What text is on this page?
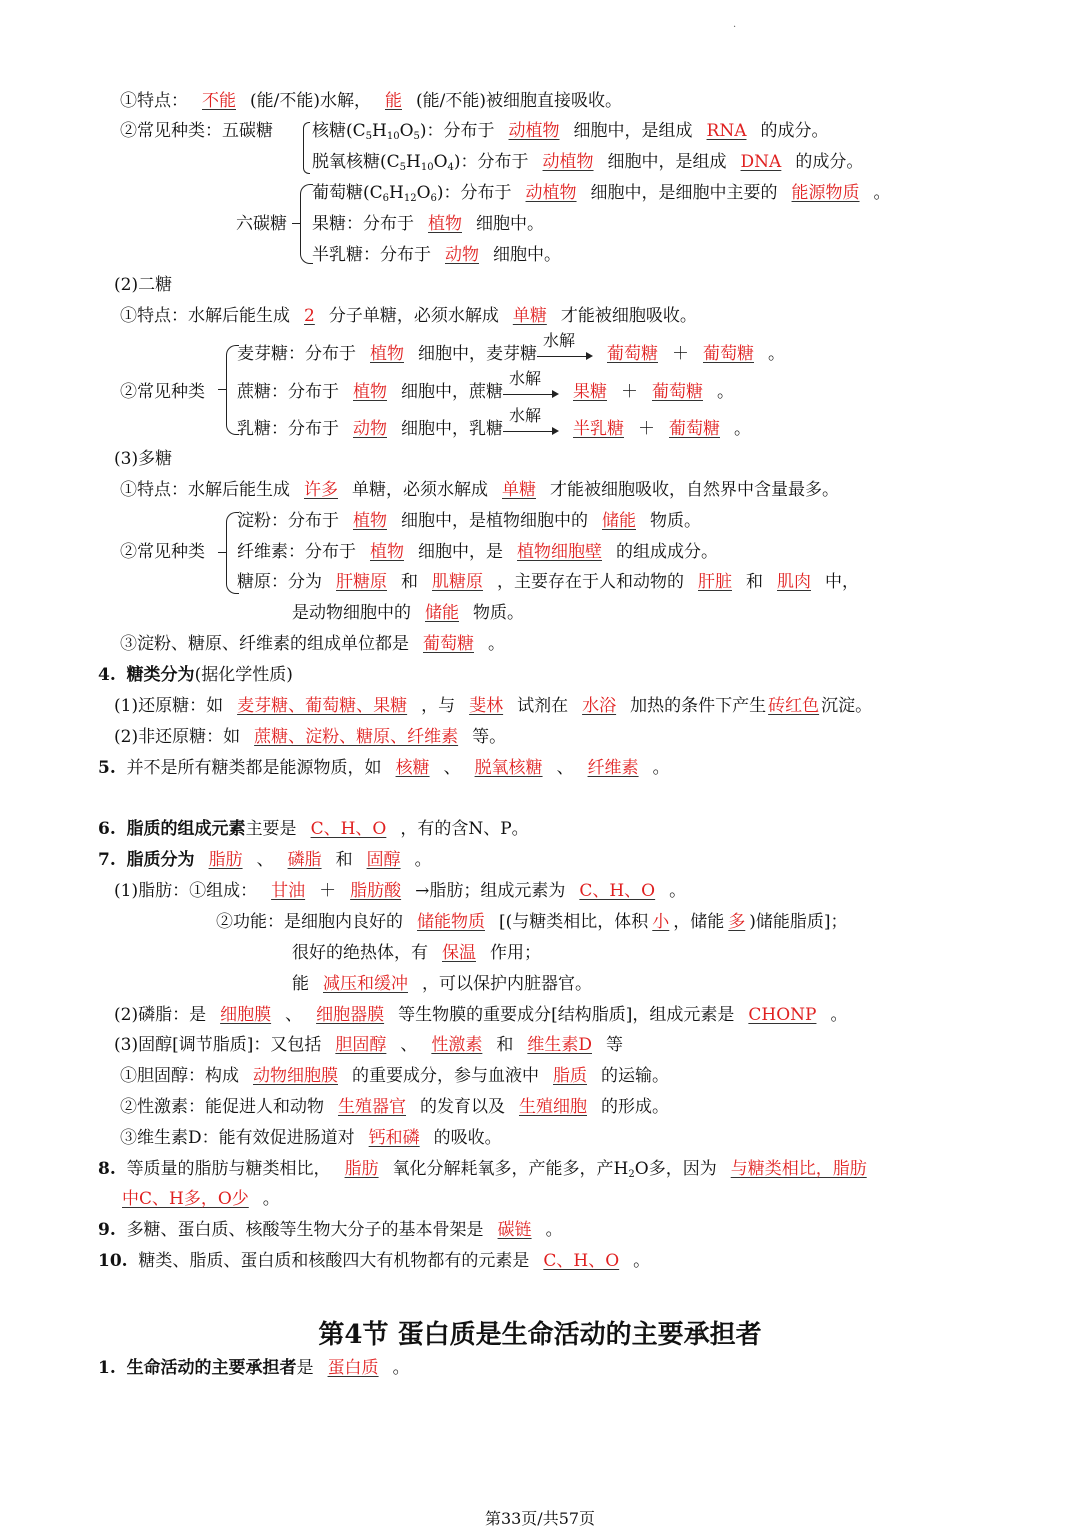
·
①特点： 不能 (能/不能)水解， 能 (能/不能)被细胞直接吸收。
②常见种类：五碳糖 核糖$(C_5H_{10}O_5)$：分布于 动植物 细胞中，是组成 RNA 的成分。
脱氧核糖$(C_5H_{10}O_4)$：分布于 动植物 细胞中，是组成 DNA 的成分。
六碳糖
葡萄糖$(C_6H_{12}O_6)$：分布于 动植物 细胞中，是细胞中主要的 能源物质 。
果糖：分布于 植物 细胞中。
半乳糖：分布于 动物 细胞中。
(2)二糖
①特点：水解后能生成 2 分子单糖，必须水解成 单糖 才能被细胞吸收。
②常见种类
麦芽糖：分布于 植物 细胞中，麦芽糖
水解
葡萄糖 ＋ 葡萄糖 。
蔗糖：分布于 植物 细胞中，蔗糖
水解
果糖 ＋ 葡萄糖 。
乳糖：分布于 动物 细胞中，乳糖
水解
半乳糖 ＋ 葡萄糖 。
(3)多糖
①特点：水解后能生成 许多 单糖，必须水解成 单糖 才能被细胞吸收，自然界中含量最多。
②常见种类
淀粉：分布于 植物 细胞中，是植物细胞中的 储能 物质。
纤维素：分布于 植物 细胞中，是 植物细胞壁 的组成成分。
糖原：分为 肝糖原 和 肌糖原 ，主要存在于人和动物的 肝脏 和 肌肉 中，
是动物细胞中的 储能 物质。
③淀粉、糖原、纤维素的组成单位都是 葡萄糖 。
4. 糖类分为(据化学性质)
(1)还原糖：如 麦芽糖、葡萄糖、果糖 ，与 斐林 试剂在 水浴 加热的条件下产生 砖红色 沉淀。
(2)非还原糖：如 蔗糖、淀粉、糖原、纤维素 等。
5. 并不是所有糖类都是能源物质，如 核糖 、 脱氧核糖 、 纤维素 。
6. 脂质的组成元素主要是 C、H、O ，有的含N、P。
7. 脂质分为 脂肪 、 磷脂 和 固醇 。
(1)脂肪：①组成： 甘油 ＋ 脂肪酸 →脂肪；组成元素为 C、H、O 。
②功能：是细胞内良好的 储能物质 [(与糖类相比，体积 小 ，储能 多 )储能脂质]；
很好的绝热体，有 保温 作用；
能 减压和缓冲 ，可以保护内脏器官。
(2)磷脂：是 细胞膜 、 细胞器膜 等生物膜的重要成分[结构脂质]，组成元素是 CHONP 。
(3)固醇[调节脂质]：又包括 胆固醇 、 性激素 和 维生素D 等
①胆固醇：构成 动物细胞膜 的重要成分，参与血液中 脂质 的运输。
②性激素：能促进人和动物 生殖器官 的发育以及 生殖细胞 的形成。
③维生素D：能有效促进肠道对 钙和磷 的吸收。
8. 等质量的脂肪与糖类相比， 脂肪 氧化分解耗氧多，产能多，产$H_2O$多，因为 与糖类相比，脂肪
中C、H多，O少 。
9. 多糖、蛋白质、核酸等生物大分子的基本骨架是 碳链 。
10. 糖类、脂质、蛋白质和核酸四大有机物都有的元素是 C、H、O 。
第4节 蛋白质是生命活动的主要承担者
1. 生命活动的主要承担者是 蛋白质 。
第33页/共57页
